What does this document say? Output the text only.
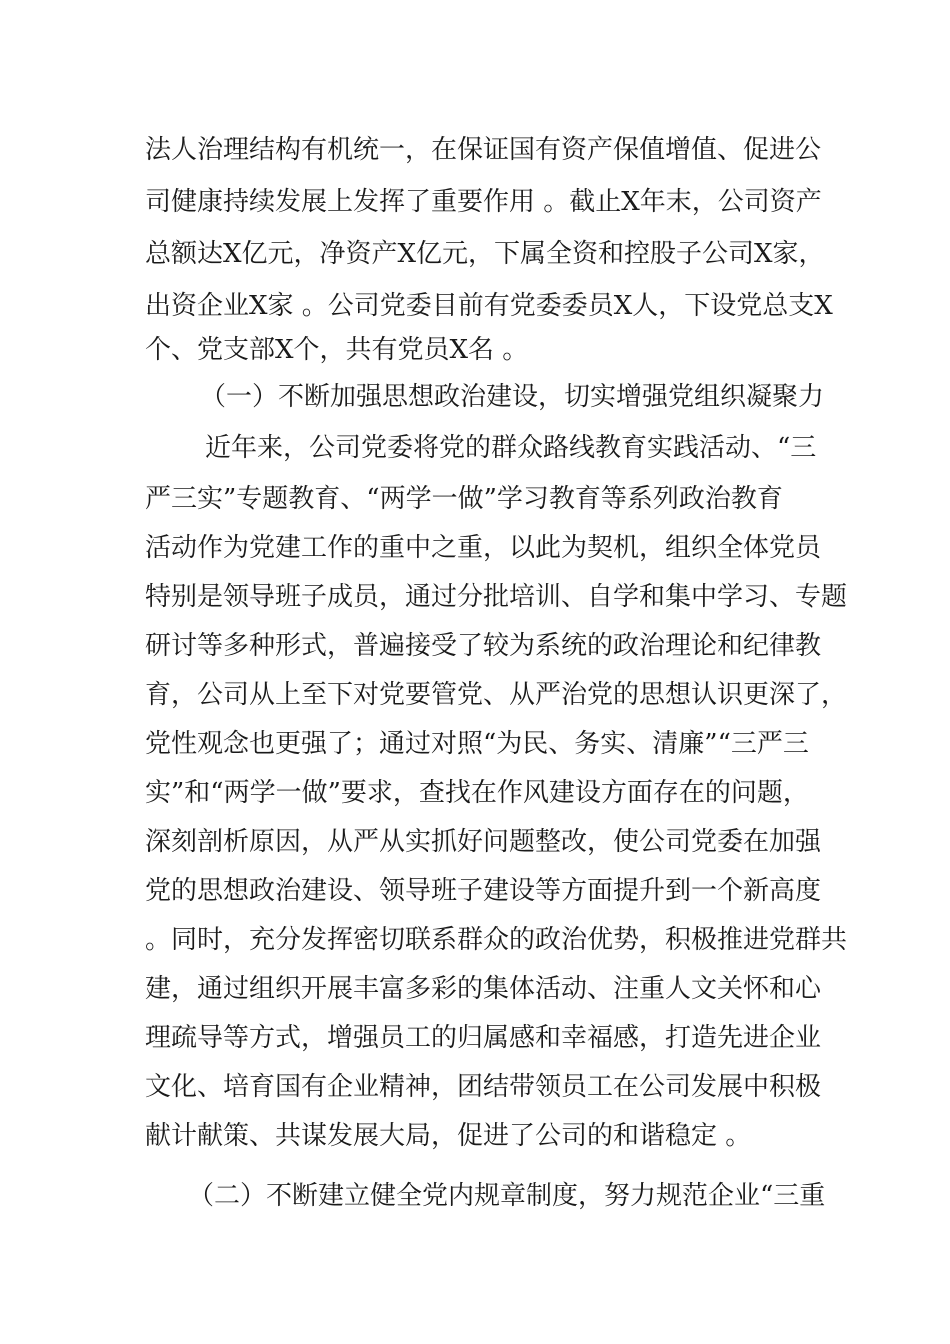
法人治理结构有机统一，在保证国有资产保值增值、促进公
司健康持续发展上发挥了重要作用 。截止X年末，公司资产
总额达X亿元，净资产X亿元，下属全资和控股子公司X家，
出资企业X家 。公司党委目前有党委委员X人，下设党总支X
个、党支部X个，共有党员X名 。
（一）不断加强思想政治建设，切实增强党组织凝聚力
近年来，公司党委将党的群众路线教育实践活动、“三
严三实”专题教育、“两学一做”学习教育等系列政治教育
活动作为党建工作的重中之重，以此为契机，组织全体党员
特别是领导班子成员，通过分批培训、自学和集中学习、专题
研讨等多种形式，普遍接受了较为系统的政治理论和纪律教
育，公司从上至下对党要管党、从严治党的思想认识更深了，
党性观念也更强了；通过对照“为民、务实、清廉”“三严三
实”和“两学一做”要求，查找在作风建设方面存在的问题，
深刻剖析原因，从严从实抓好问题整改，使公司党委在加强
党的思想政治建设、领导班子建设等方面提升到一个新高度
。同时，充分发挥密切联系群众的政治优势，积极推进党群共
建，通过组织开展丰富多彩的集体活动、注重人文关怀和心
理疏导等方式，增强员工的归属感和幸福感，打造先进企业
文化、培育国有企业精神，团结带领员工在公司发展中积极
献计献策、共谋发展大局，促进了公司的和谐稳定 。
（二）不断建立健全党内规章制度，努力规范企业“三重
